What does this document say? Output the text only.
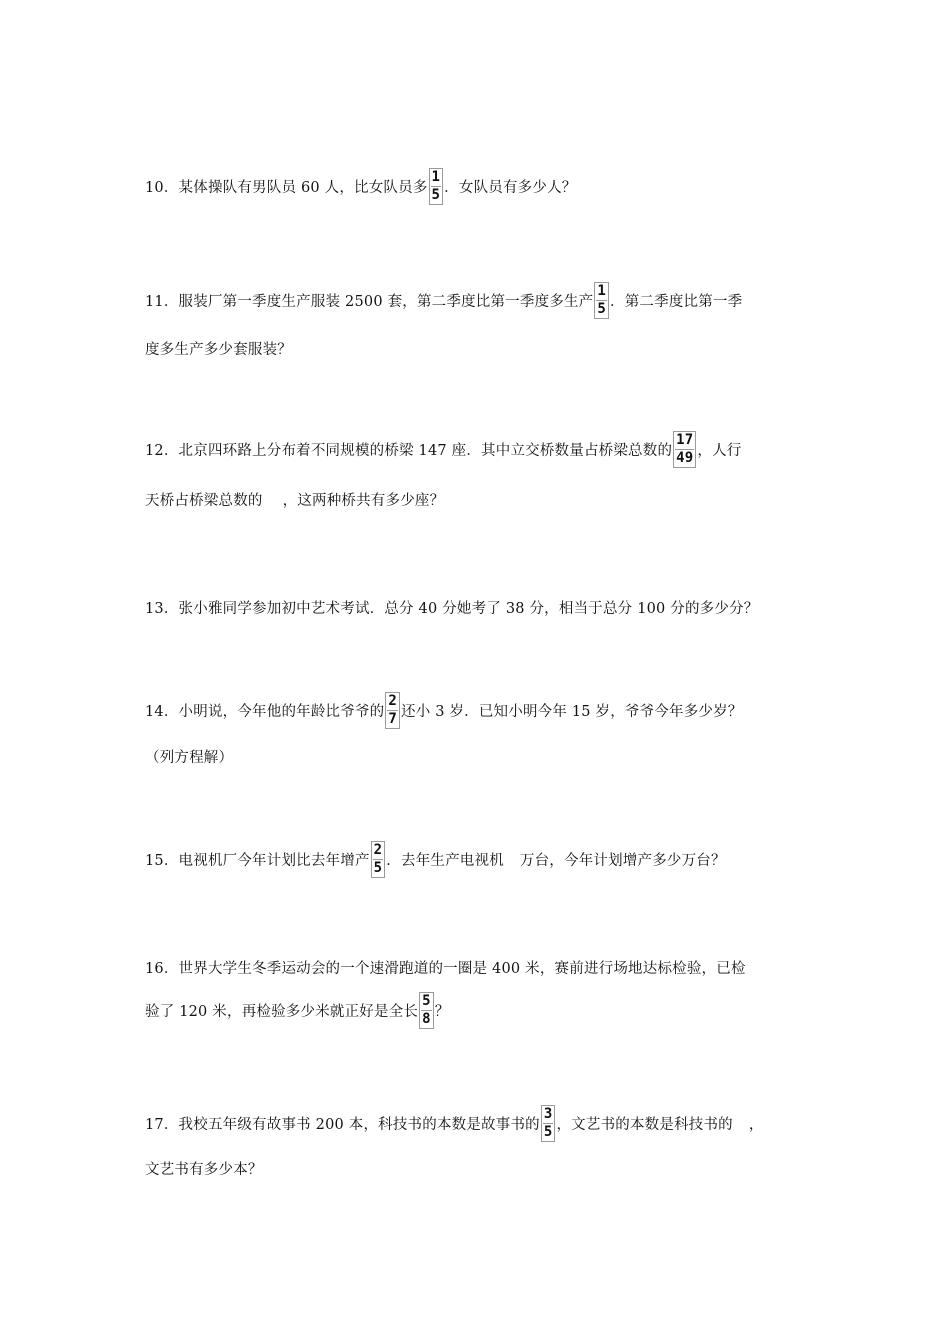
10．某体操队有男队员 60 人，比女队员多 $\frac{1}{5}$ ．女队员有多少人？
11．服装厂第一季度生产服装 2500 套，第二季度比第一季度多生产 $\frac{1}{5}$ ．第二季度比第一季
度多生产多少套服装？
12．北京四环路上分布着不同规模的桥梁 147 座．其中立交桥数量占桥梁总数的 $\frac{17}{49}$ ，人行
天桥占桥梁总数的 ，这两种桥共有多少座？
13．张小雅同学参加初中艺术考试．总分 40 分她考了 38 分，相当于总分 100 分的多少分？
14．小明说，今年他的年龄比爷爷的 $\frac{2}{7}$ 还小 3 岁．已知小明今年 15 岁，爷爷今年多少岁？
（列方程解）
15．电视机厂今年计划比去年增产 $\frac{2}{5}$ ．去年生产电视机 万台，今年计划增产多少万台？
16．世界大学生冬季运动会的一个速滑跑道的一圈是 400 米，赛前进行场地达标检验，已检
验了 120 米，再检验多少米就正好是全长 $\frac{5}{8}$ ？
17．我校五年级有故事书 200 本，科技书的本数是故事书的 $\frac{3}{5}$ ，文艺书的本数是科技书的 ，
文艺书有多少本？
